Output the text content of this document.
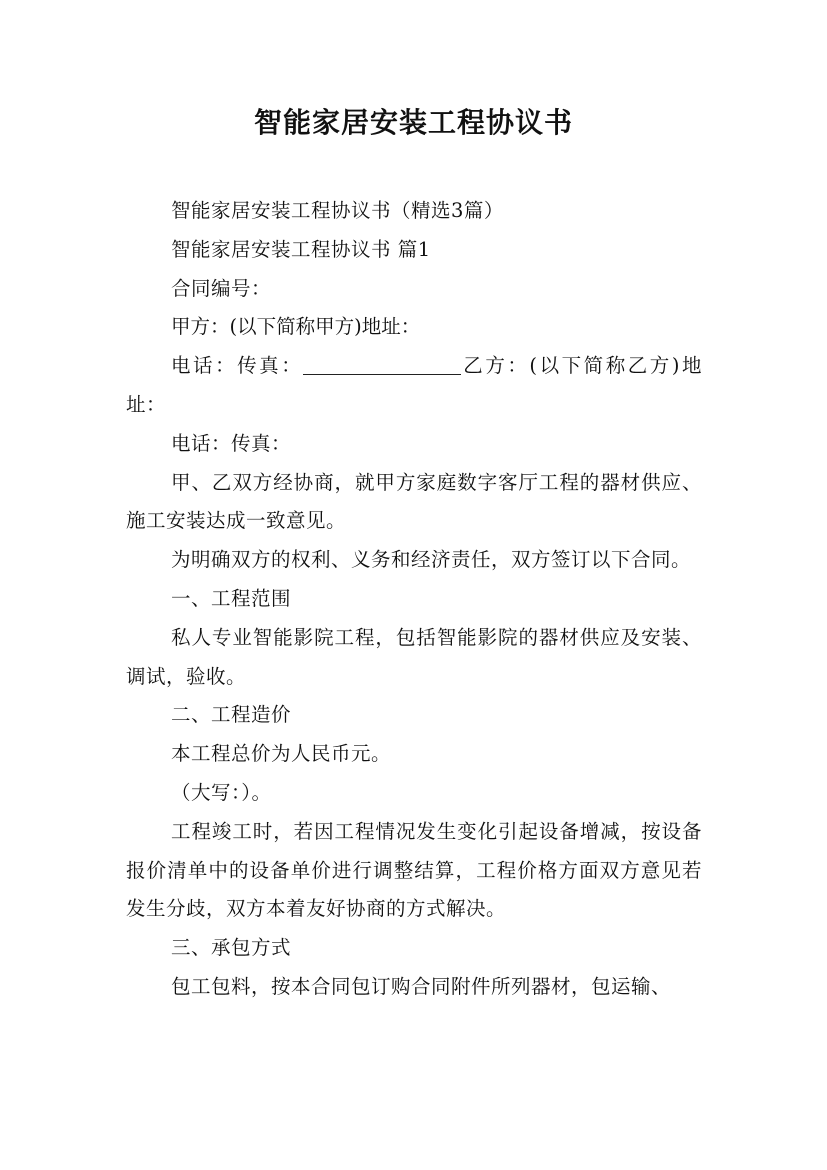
智能家居安装工程协议书

智能家居安装工程协议书（精选3篇）

智能家居安装工程协议书 篇1

合同编号：

甲方：(以下简称甲方)地址：

电话：传真：	乙方：(以下简称乙方)地址：

电话：传真：

甲、乙双方经协商，就甲方家庭数字客厅工程的器材供应、施工安装达成一致意见。

为明确双方的权利、义务和经济责任，双方签订以下合同。

一、工程范围

私人专业智能影院工程，包括智能影院的器材供应及安装、调试，验收。

二、工程造价

本工程总价为人民币元。

（大写：）。

工程竣工时，若因工程情况发生变化引起设备增减，按设备报价清单中的设备单价进行调整结算，工程价格方面双方意见若发生分歧，双方本着友好协商的方式解决。

三、承包方式

包工包料，按本合同包订购合同附件所列器材，包运输、
